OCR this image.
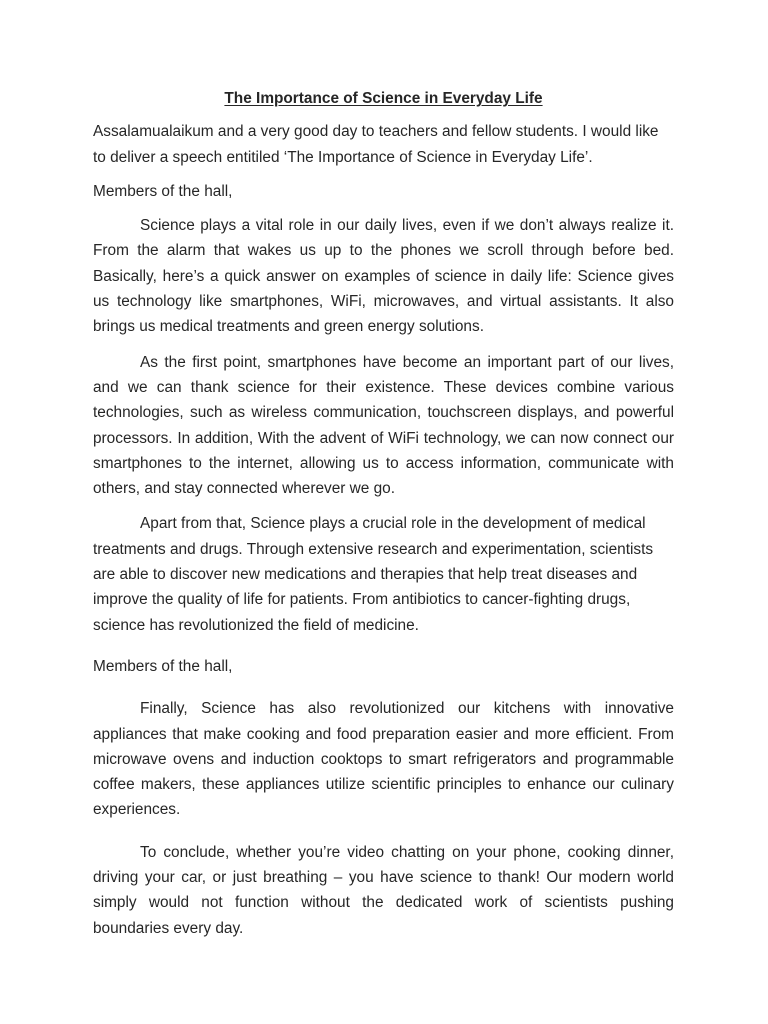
The Importance of Science in Everyday Life

Assalamualaikum and a very good day to teachers and fellow students. I would like to deliver a speech entitiled ‘The Importance of Science in Everyday Life’.

Members of the hall,

Science plays a vital role in our daily lives, even if we don’t always realize it. From the alarm that wakes us up to the phones we scroll through before bed. Basically, here’s a quick answer on examples of science in daily life: Science gives us technology like smartphones, WiFi, microwaves, and virtual assistants. It also brings us medical treatments and green energy solutions.

As the first point, smartphones have become an important part of our lives, and we can thank science for their existence. These devices combine various technologies, such as wireless communication, touchscreen displays, and powerful processors. In addition, With the advent of WiFi technology, we can now connect our smartphones to the internet, allowing us to access information, communicate with others, and stay connected wherever we go.

Apart from that, Science plays a crucial role in the development of medical treatments and drugs. Through extensive research and experimentation, scientists are able to discover new medications and therapies that help treat diseases and improve the quality of life for patients. From antibiotics to cancer-fighting drugs, science has revolutionized the field of medicine.

Members of the hall,

Finally, Science has also revolutionized our kitchens with innovative appliances that make cooking and food preparation easier and more efficient. From microwave ovens and induction cooktops to smart refrigerators and programmable coffee makers, these appliances utilize scientific principles to enhance our culinary experiences.

To conclude, whether you’re video chatting on your phone, cooking dinner, driving your car, or just breathing – you have science to thank! Our modern world simply would not function without the dedicated work of scientists pushing boundaries every day.
